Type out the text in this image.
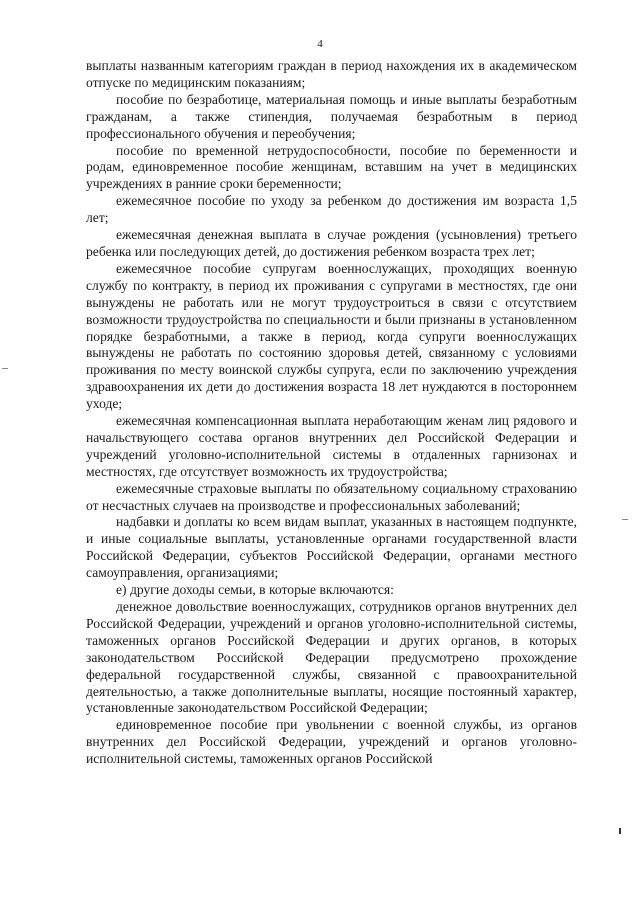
4

выплаты названным категориям граждан в период нахождения их в академическом отпуске по медицинским показаниям;

пособие по безработице, материальная помощь и иные выплаты безработным гражданам, а также стипендия, получаемая безработным в период профессионального обучения и переобучения;

пособие по временной нетрудоспособности, пособие по беременности и родам, единовременное пособие женщинам, вставшим на учет в медицинских учреждениях в ранние сроки беременности;

ежемесячное пособие по уходу за ребенком до достижения им возраста 1,5 лет;

ежемесячная денежная выплата в случае рождения (усыновления) третьего ребенка или последующих детей, до достижения ребенком возраста трех лет;

ежемесячное пособие супругам военнослужащих, проходящих военную службу по контракту, в период их проживания с супругами в местностях, где они вынуждены не работать или не могут трудоустроиться в связи с отсутствием возможности трудоустройства по специальности и были признаны в установленном порядке безработными, а также в период, когда супруги военнослужащих вынуждены не работать по состоянию здоровья детей, связанному с условиями проживания по месту воинской службы супруга, если по заключению учреждения здравоохранения их дети до достижения возраста 18 лет нуждаются в постороннем уходе;

ежемесячная компенсационная выплата неработающим женам лиц рядового и начальствующего состава органов внутренних дел Российской Федерации и учреждений уголовно-исполнительной системы в отдаленных гарнизонах и местностях, где отсутствует возможность их трудоустройства;

ежемесячные страховые выплаты по обязательному социальному страхованию от несчастных случаев на производстве и профессиональных заболеваний;

надбавки и доплаты ко всем видам выплат, указанных в настоящем подпункте, и иные социальные выплаты, установленные органами государственной власти Российской Федерации, субъектов Российской Федерации, органами местного самоуправления, организациями;

е) другие доходы семьи, в которые включаются:

денежное довольствие военнослужащих, сотрудников органов внутренних дел Российской Федерации, учреждений и органов уголовно-исполнительной системы, таможенных органов Российской Федерации и других органов, в которых законодательством Российской Федерации предусмотрено прохождение федеральной государственной службы, связанной с правоохранительной деятельностью, а также дополнительные выплаты, носящие постоянный характер, установленные законодательством Российской Федерации;

единовременное пособие при увольнении с военной службы, из органов внутренних дел Российской Федерации, учреждений и органов уголовно-исполнительной системы, таможенных органов Российской
